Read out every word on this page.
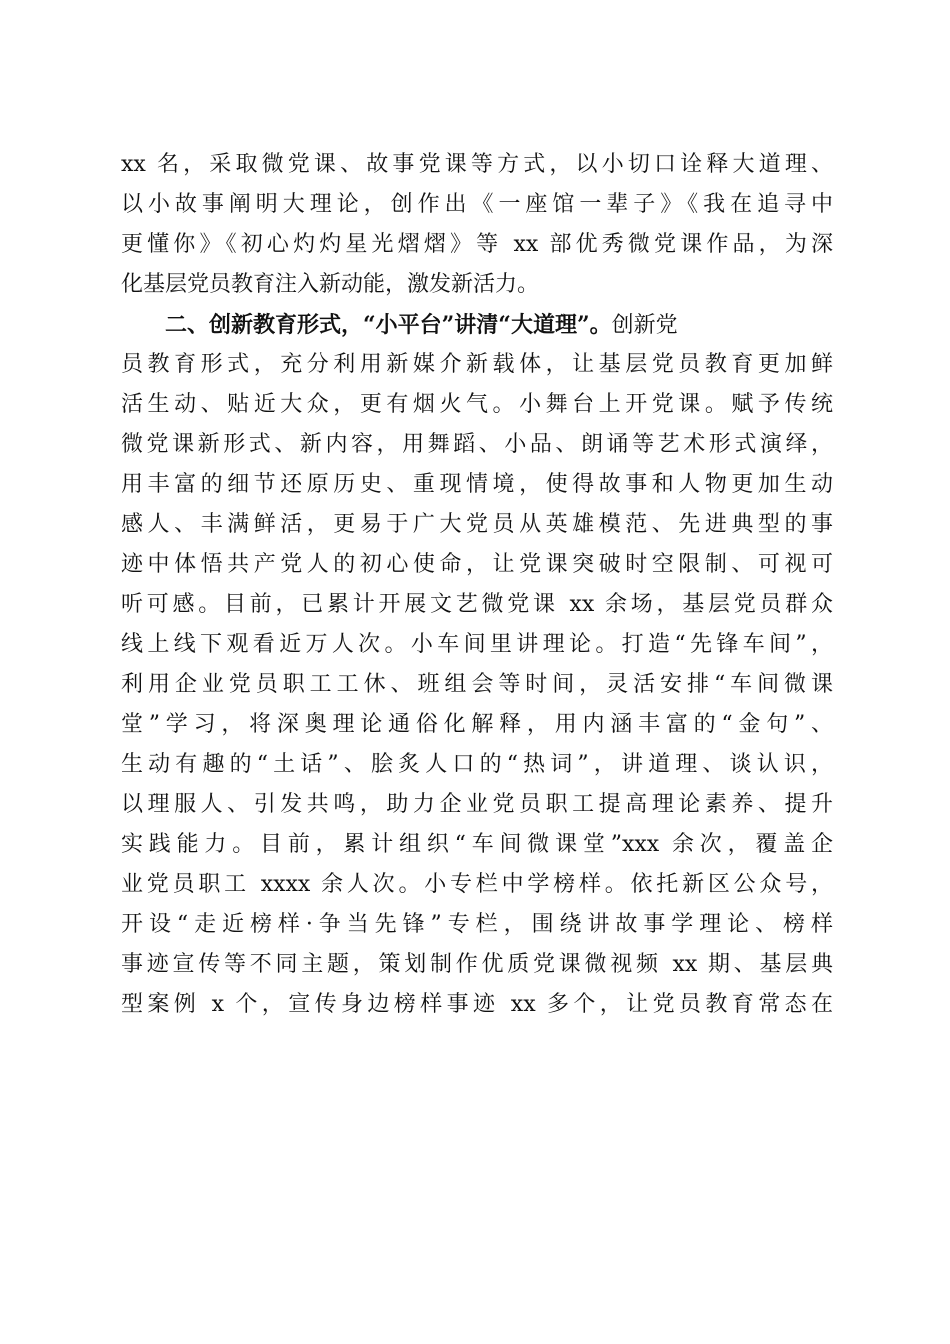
xx 名，采取微党课、故事党课等方式，以小切口诠释大道理、
以小故事阐明大理论，创作出《一座馆一辈子》《我在追寻中
更懂你》《初心灼灼星光熠熠》等 xx 部优秀微党课作品，为深
化基层党员教育注入新动能，激发新活力。
二、创新教育形式，“小平台”讲清“大道理”。创新党
员教育形式，充分利用新媒介新载体，让基层党员教育更加鲜
活生动、贴近大众，更有烟火气。小舞台上开党课。赋予传统
微党课新形式、新内容，用舞蹈、小品、朗诵等艺术形式演绎，
用丰富的细节还原历史、重现情境，使得故事和人物更加生动
感人、丰满鲜活，更易于广大党员从英雄模范、先进典型的事
迹中体悟共产党人的初心使命，让党课突破时空限制、可视可
听可感。目前，已累计开展文艺微党课 xx 余场，基层党员群众
线上线下观看近万人次。小车间里讲理论。打造“先锋车间”，
利用企业党员职工工休、班组会等时间，灵活安排“车间微课
堂”学习，将深奥理论通俗化解释，用内涵丰富的“金句”、
生动有趣的“土话”、脍炙人口的“热词”，讲道理、谈认识，
以理服人、引发共鸣，助力企业党员职工提高理论素养、提升
实践能力。目前，累计组织“车间微课堂”xxx 余次，覆盖企
业党员职工 xxxx 余人次。小专栏中学榜样。依托新区公众号，
开设“走近榜样·争当先锋”专栏，围绕讲故事学理论、榜样
事迹宣传等不同主题，策划制作优质党课微视频 xx 期、基层典
型案例 x 个，宣传身边榜样事迹 xx 多个，让党员教育常态在
